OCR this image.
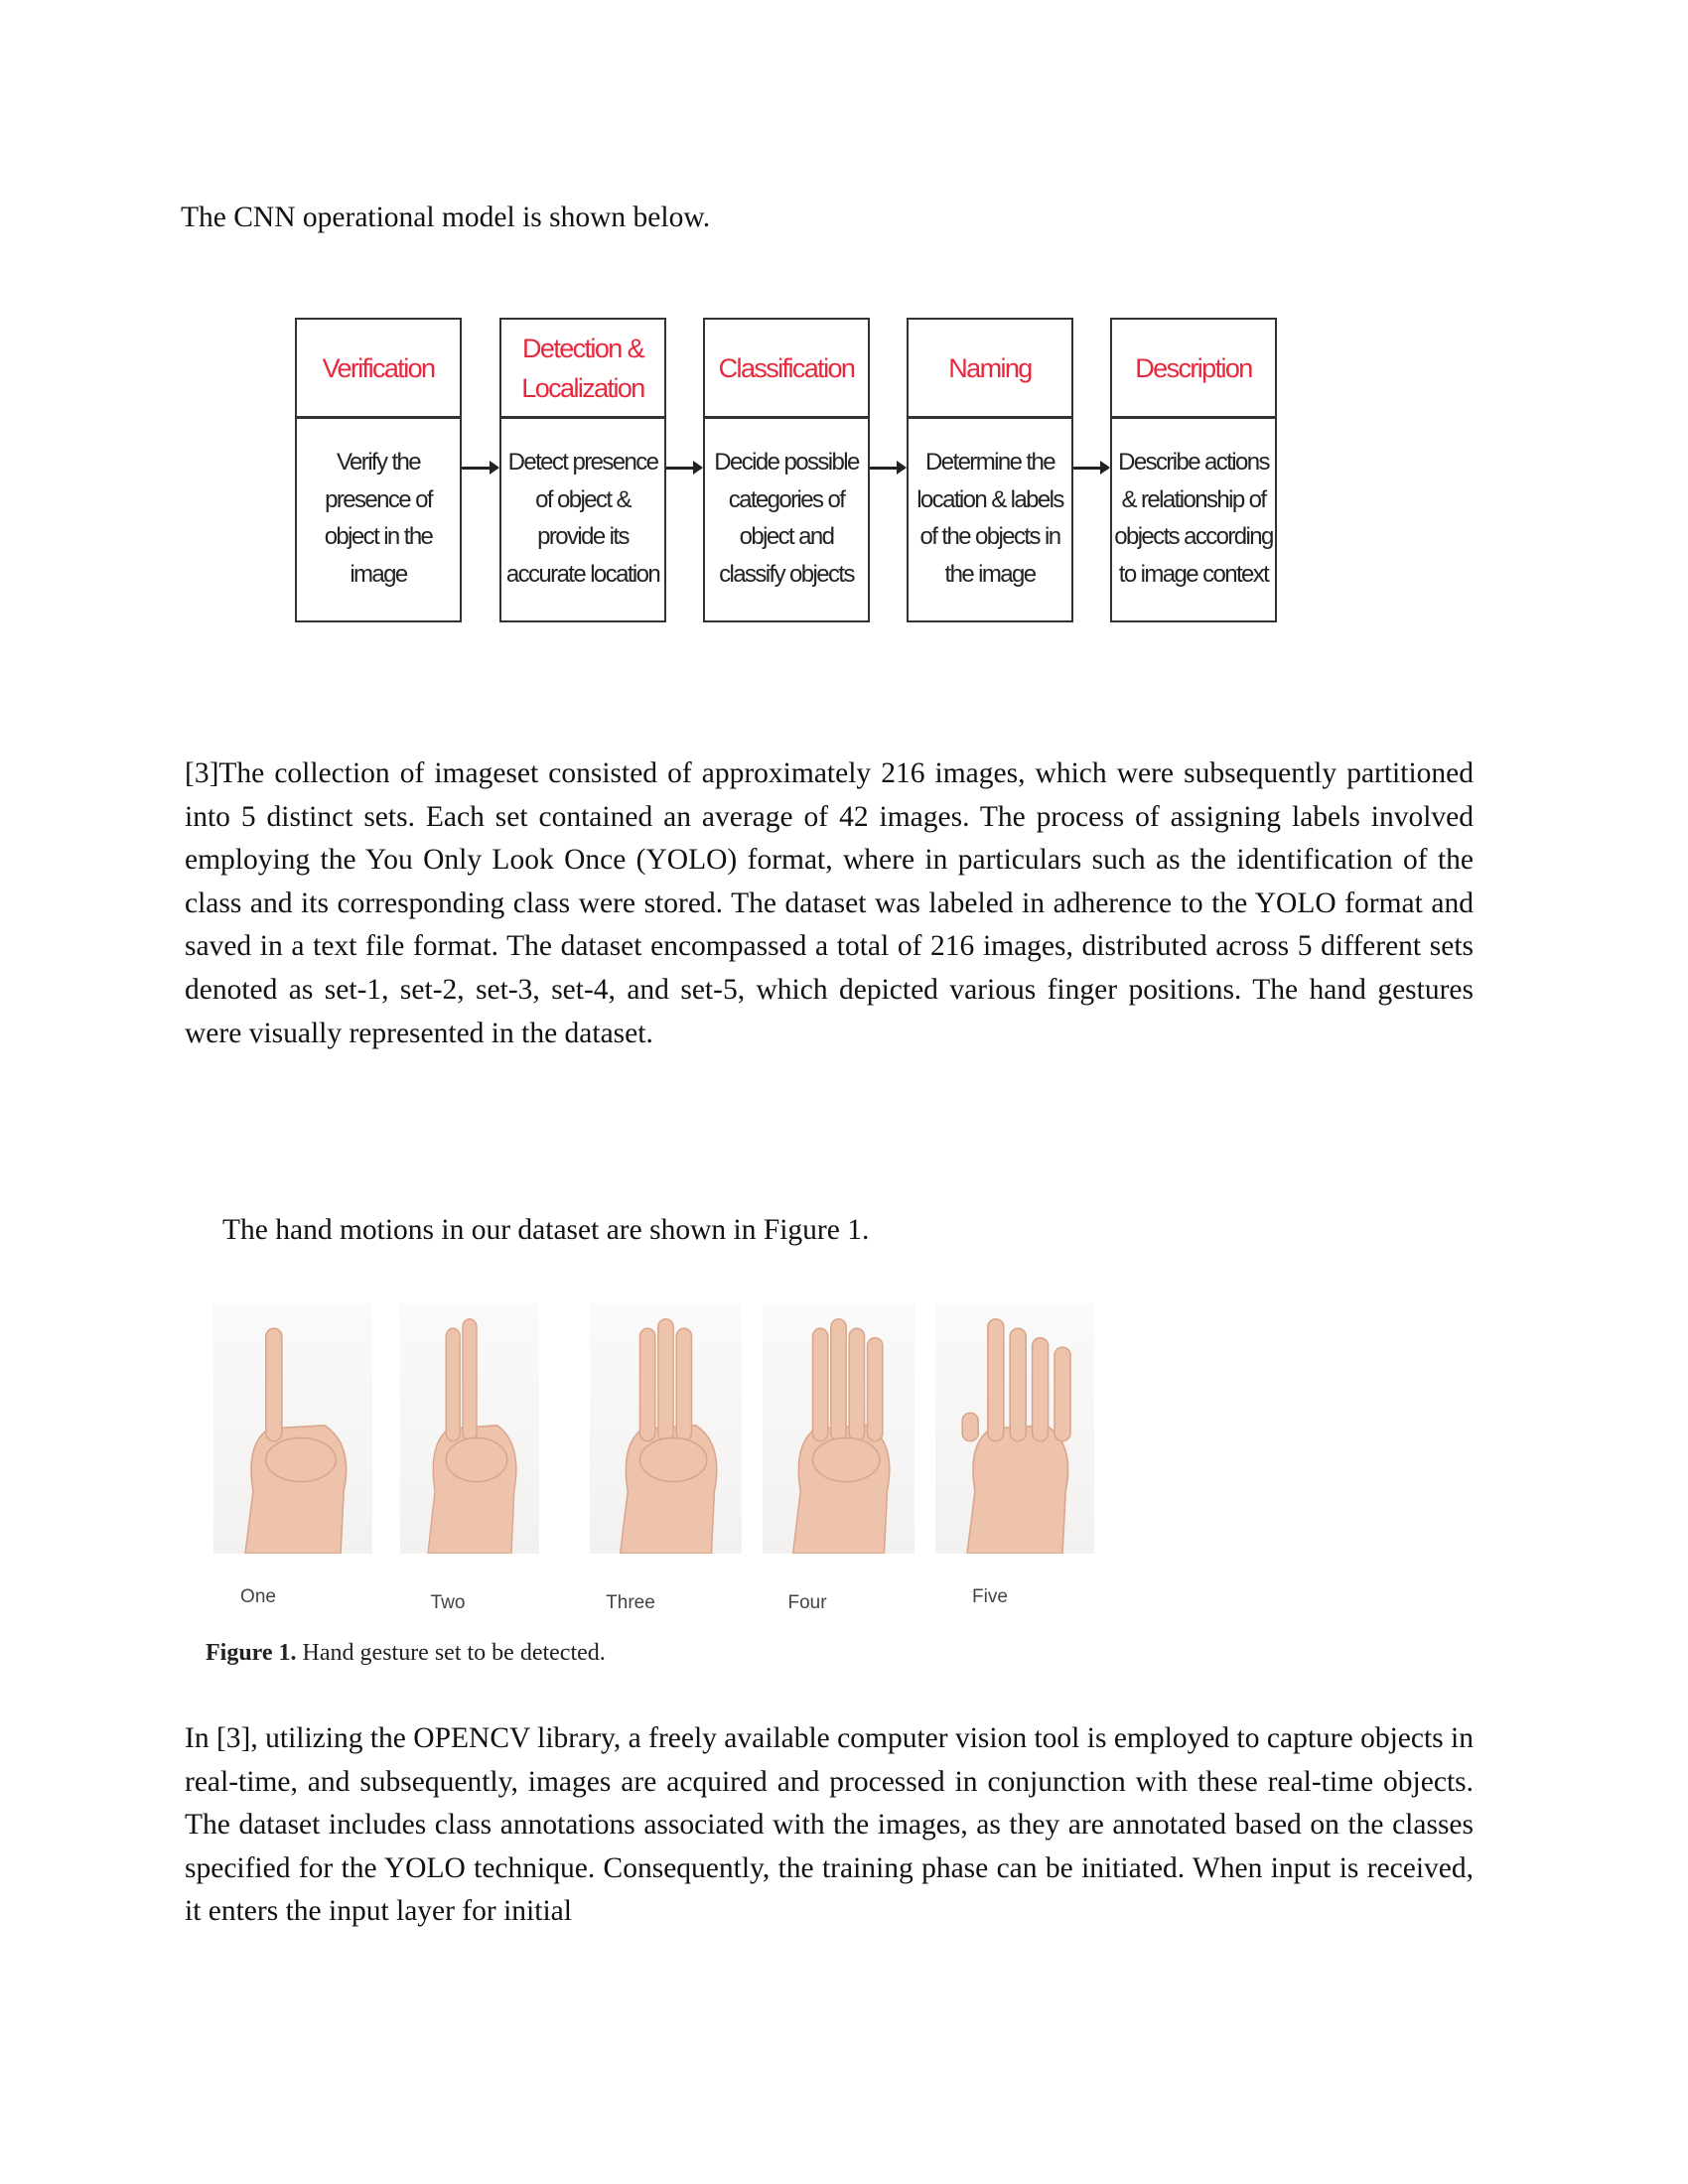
The CNN operational model is shown below.
Verification
Verify the presence of object in the image
Detection & Localization
Detect presence of object & provide its accurate location
Classification
Decide possible categories of object and classify objects
Naming
Determine the location & labels of the objects in the image
Description
Describe actions & relationship of objects according to image context
[3]The collection of imageset consisted of approximately 216 images, which were subsequently partitioned into 5 distinct sets. Each set contained an average of 42 images. The process of assigning labels involved employing the You Only Look Once (YOLO) format, where in particulars such as the identification of the class and its corresponding class were stored. The dataset was labeled in adherence to the YOLO format and saved in a text file format. The dataset encompassed a total of 216 images, distributed across 5 different sets denoted as set-1, set-2, set-3, set-4, and set-5, which depicted various finger positions. The hand gestures were visually represented in the dataset.
The hand motions in our dataset are shown in Figure 1.
One	Two	Three	Four	Five
Figure 1. Hand gesture set to be detected.
In [3], utilizing the OPENCV library, a freely available computer vision tool is employed to capture objects in real-time, and subsequently, images are acquired and processed in conjunction with these real-time objects. The dataset includes class annotations associated with the images, as they are annotated based on the classes specified for the YOLO technique. Consequently, the training phase can be initiated. When input is received, it enters the input layer for initial
